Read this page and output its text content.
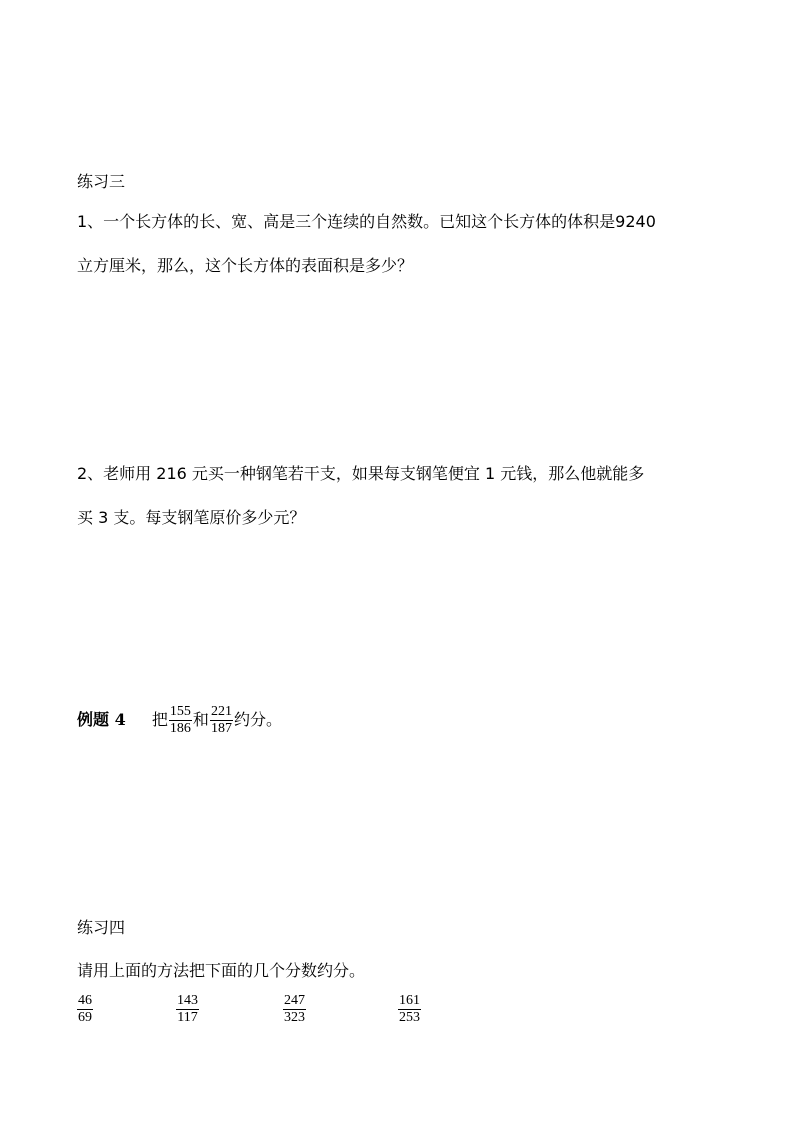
练习三
1、一个长方体的长、宽、高是三个连续的自然数。已知这个长方体的体积是9240
立方厘米，那么，这个长方体的表面积是多少？
2、老师用 216 元买一种钢笔若干支，如果每支钢笔便宜 1 元钱，那么他就能多
买 3 支。每支钢笔原价多少元？
例题 4 把 $\frac{155}{186}$ 和 $\frac{221}{187}$ 约分。
练习四
请用上面的方法把下面的几个分数约分。
$\frac{46}{69}$	$\frac{143}{117}$	$\frac{247}{323}$	$\frac{161}{253}$
